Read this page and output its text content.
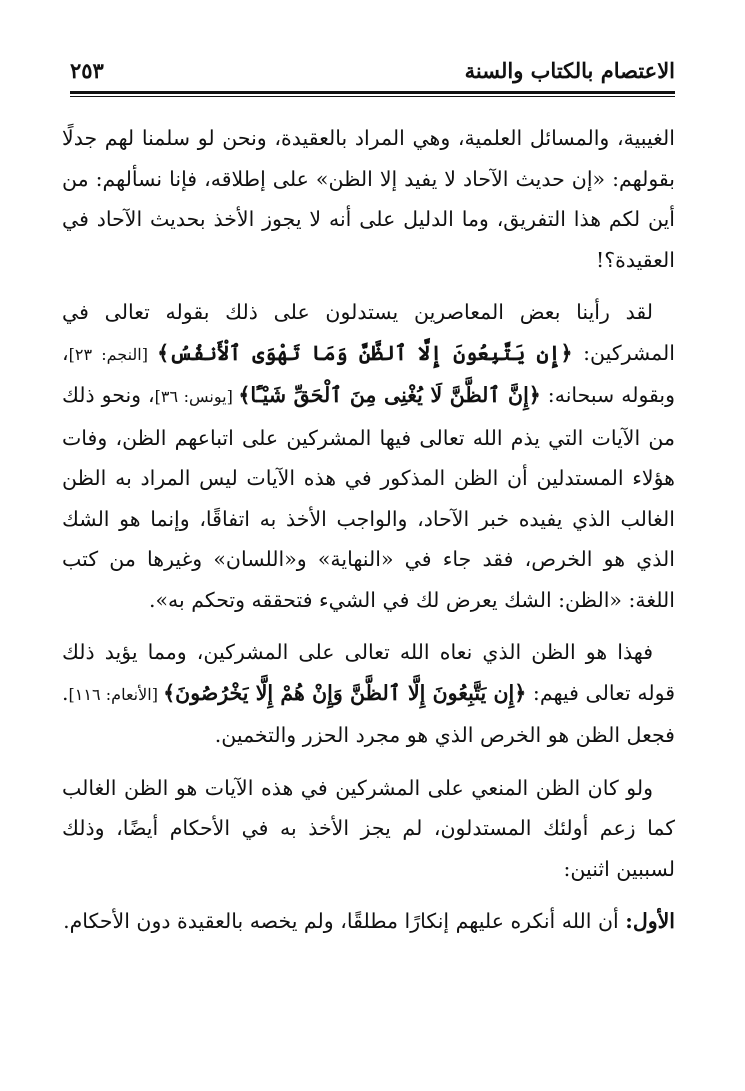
الاعتصام بالكتاب والسنة
٢٥٣

الغيبية، والمسائل العلمية، وهي المراد بالعقيدة، ونحن لو سلمنا لهم جدلًا بقولهم: «إن حديث الآحاد لا يفيد إلا الظن» على إطلاقه، فإنا نسألهم: من أين لكم هذا التفريق، وما الدليل على أنه لا يجوز الأخذ بحديث الآحاد في العقيدة؟!

لقد رأينا بعض المعاصرين يستدلون على ذلك بقوله تعالى في المشركين: ﴿إِن يَتَّبِعُونَ إِلَّا ٱلظَّنَّ وَمَا تَهْوَى ٱلْأَنفُسُ﴾ [النجم: ٢٣]، وبقوله سبحانه: ﴿إِنَّ ٱلظَّنَّ لَا يُغْنِى مِنَ ٱلْحَقِّ شَيْـًٔا﴾ [يونس: ٣٦]، ونحو ذلك من الآيات التي يذم الله تعالى فيها المشركين على اتباعهم الظن، وفات هؤلاء المستدلين أن الظن المذكور في هذه الآيات ليس المراد به الظن الغالب الذي يفيده خبر الآحاد، والواجب الأخذ به اتفاقًا، وإنما هو الشك الذي هو الخرص، فقد جاء في «النهاية» و«اللسان» وغيرها من كتب اللغة: «الظن: الشك يعرض لك في الشيء فتحققه وتحكم به».

فهذا هو الظن الذي نعاه الله تعالى على المشركين، ومما يؤيد ذلك قوله تعالى فيهم: ﴿إِن يَتَّبِعُونَ إِلَّا ٱلظَّنَّ وَإِنْ هُمْ إِلَّا يَخْرُصُونَ﴾ [الأنعام: ١١٦]. فجعل الظن هو الخرص الذي هو مجرد الحزر والتخمين.

ولو كان الظن المنعي على المشركين في هذه الآيات هو الظن الغالب كما زعم أولئك المستدلون، لم يجز الأخذ به في الأحكام أيضًا، وذلك لسببين اثنين:

الأول: أن الله أنكره عليهم إنكارًا مطلقًا، ولم يخصه بالعقيدة دون الأحكام.
